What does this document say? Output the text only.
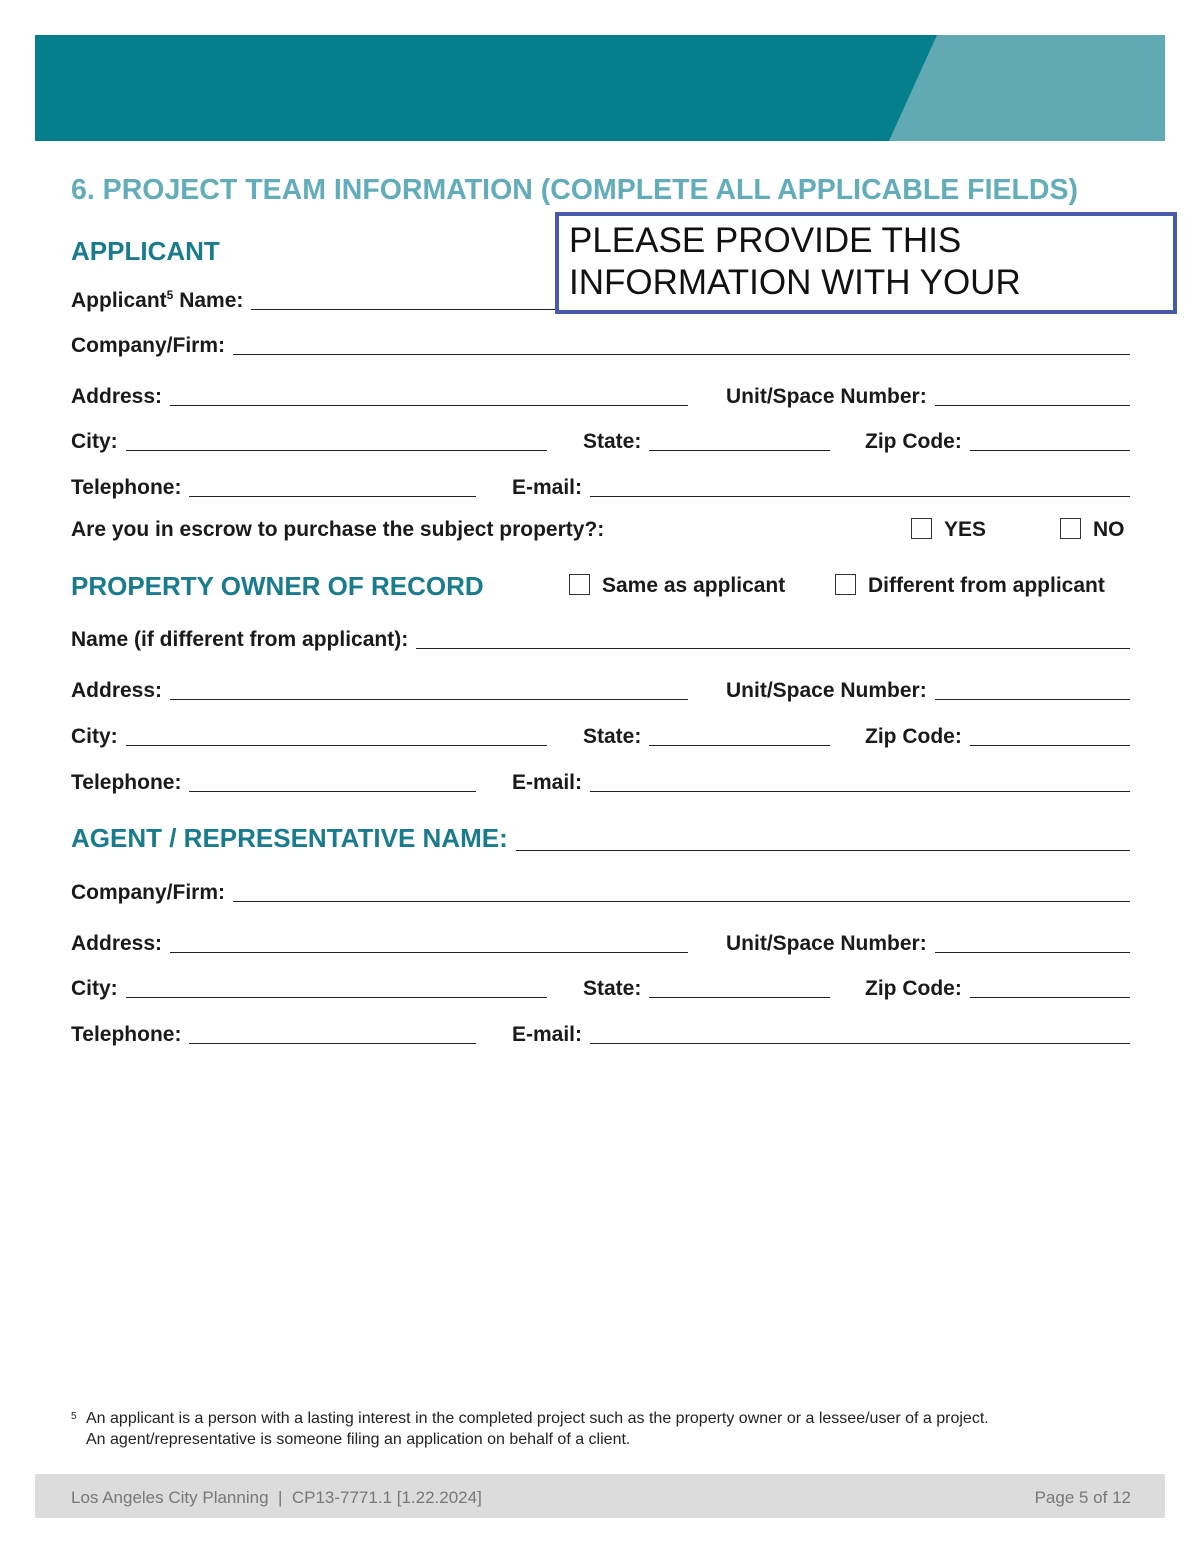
6. PROJECT TEAM INFORMATION (COMPLETE ALL APPLICABLE FIELDS)
APPLICANT
Applicant$^5$ Name:
PLEASE PROVIDE THIS INFORMATION WITH YOUR
Company/Firm:
Address:	Unit/Space Number:
City:	State:	Zip Code:
Telephone:	E-mail:
Are you in escrow to purchase the subject property?:	YES	NO
PROPERTY OWNER OF RECORD	Same as applicant	Different from applicant
Name (if different from applicant):
Address:	Unit/Space Number:
City:	State:	Zip Code:
Telephone:	E-mail:
AGENT / REPRESENTATIVE NAME:
Company/Firm:
Address:	Unit/Space Number:
City:	State:	Zip Code:
Telephone:	E-mail:
5 An applicant is a person with a lasting interest in the completed project such as the property owner or a lessee/user of a project.
An agent/representative is someone filing an application on behalf of a client.
Los Angeles City Planning  |  CP13-7771.1 [1.22.2024]	Page 5 of 12
